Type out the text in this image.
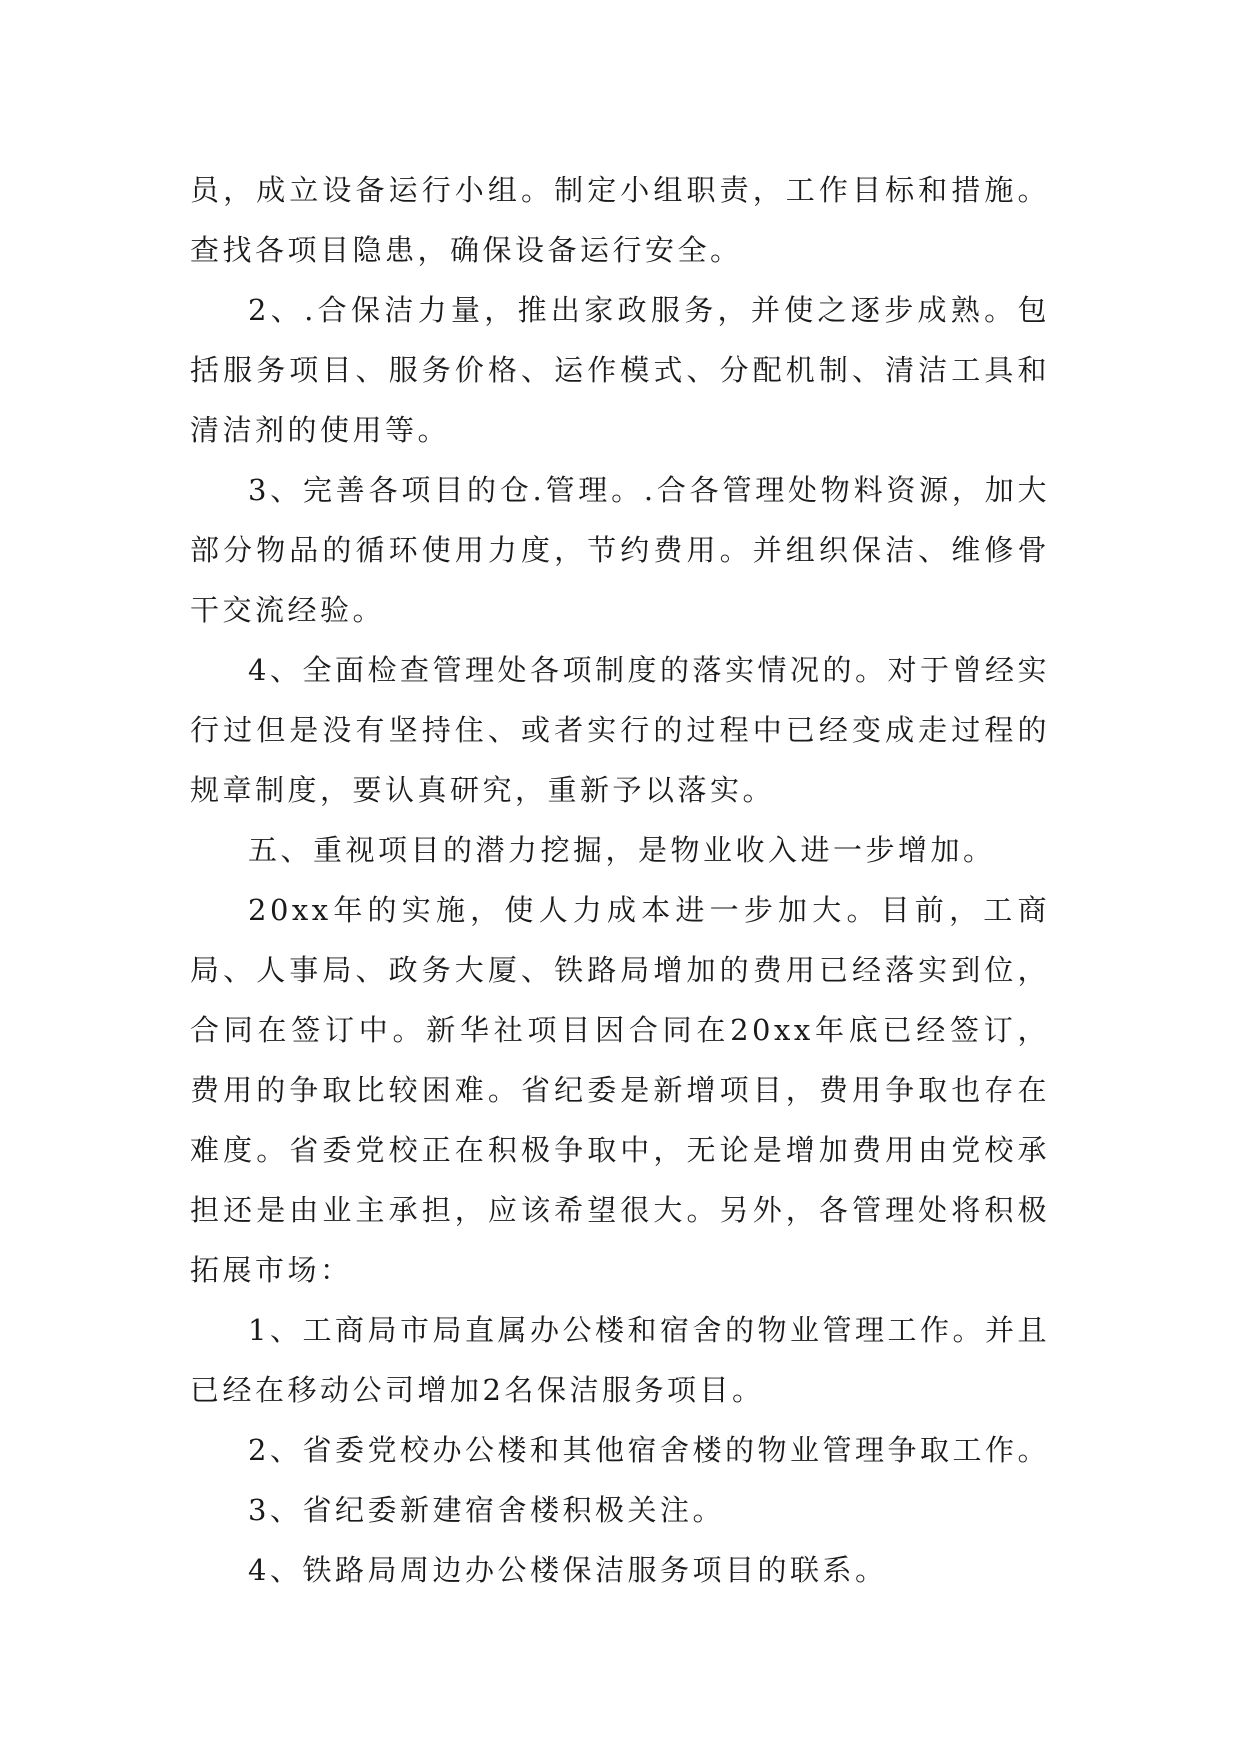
员，成立设备运行小组。制定小组职责，工作目标和措施。查找各项目隐患，确保设备运行安全。

2、.合保洁力量，推出家政服务，并使之逐步成熟。包括服务项目、服务价格、运作模式、分配机制、清洁工具和清洁剂的使用等。

3、完善各项目的仓.管理。.合各管理处物料资源，加大部分物品的循环使用力度，节约费用。并组织保洁、维修骨干交流经验。

4、全面检查管理处各项制度的落实情况的。对于曾经实行过但是没有坚持住、或者实行的过程中已经变成走过程的规章制度，要认真研究，重新予以落实。

五、重视项目的潜力挖掘，是物业收入进一步增加。

20xx年的实施，使人力成本进一步加大。目前，工商局、人事局、政务大厦、铁路局增加的费用已经落实到位，合同在签订中。新华社项目因合同在20xx年底已经签订，费用的争取比较困难。省纪委是新增项目，费用争取也存在难度。省委党校正在积极争取中，无论是增加费用由党校承担还是由业主承担，应该希望很大。另外，各管理处将积极拓展市场：

1、工商局市局直属办公楼和宿舍的物业管理工作。并且已经在移动公司增加2名保洁服务项目。

2、省委党校办公楼和其他宿舍楼的物业管理争取工作。

3、省纪委新建宿舍楼积极关注。

4、铁路局周边办公楼保洁服务项目的联系。
